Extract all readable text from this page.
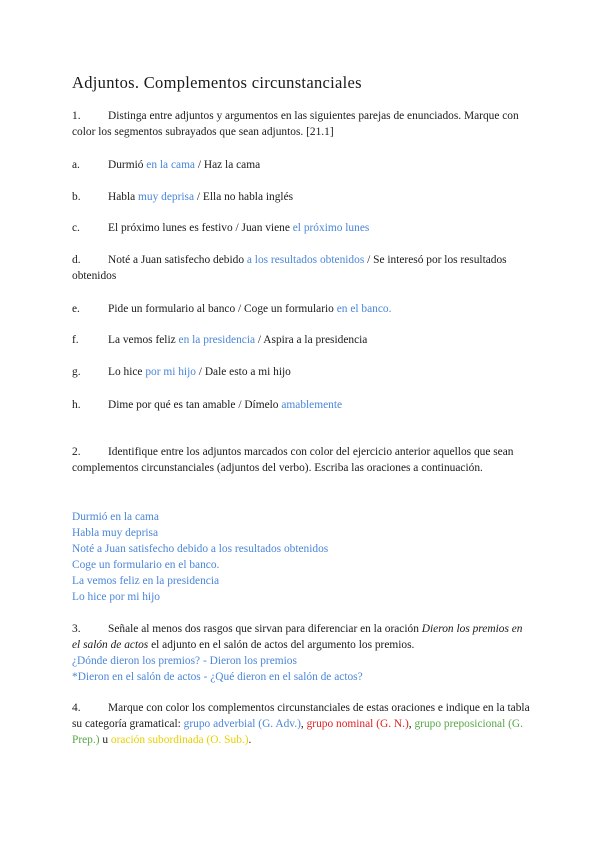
Adjuntos. Complementos circunstanciales
1. Distinga entre adjuntos y argumentos en las siguientes parejas de enunciados. Marque con color los segmentos subrayados que sean adjuntos. [21.1]
a. Durmió en la cama / Haz la cama
b. Habla muy deprisa / Ella no habla inglés
c. El próximo lunes es festivo / Juan viene el próximo lunes
d. Noté a Juan satisfecho debido a los resultados obtenidos / Se interesó por los resultados obtenidos
e. Pide un formulario al banco / Coge un formulario en el banco.
f.	La vemos feliz en la presidencia / Aspira a la presidencia
g. Lo hice por mi hijo / Dale esto a mi hijo
h. Dime por qué es tan amable / Dímelo amablemente
2. Identifique entre los adjuntos marcados con color del ejercicio anterior aquellos que sean complementos circunstanciales (adjuntos del verbo). Escriba las oraciones a continuación.
Durmió en la cama
Habla muy deprisa
Noté a Juan satisfecho debido a los resultados obtenidos
Coge un formulario en el banco.
La vemos feliz en la presidencia
Lo hice por mi hijo
3. Señale al menos dos rasgos que sirvan para diferenciar en la oración Dieron los premios en el salón de actos el adjunto en el salón de actos del argumento los premios.
¿Dónde dieron los premios? - Dieron los premios
*Dieron en el salón de actos - ¿Qué dieron en el salón de actos?
4. Marque con color los complementos circunstanciales de estas oraciones e indique en la tabla su categoría gramatical: grupo adverbial (G. Adv.), grupo nominal (G. N.), grupo preposicional (G. Prep.) u oración subordinada (O. Sub.).
